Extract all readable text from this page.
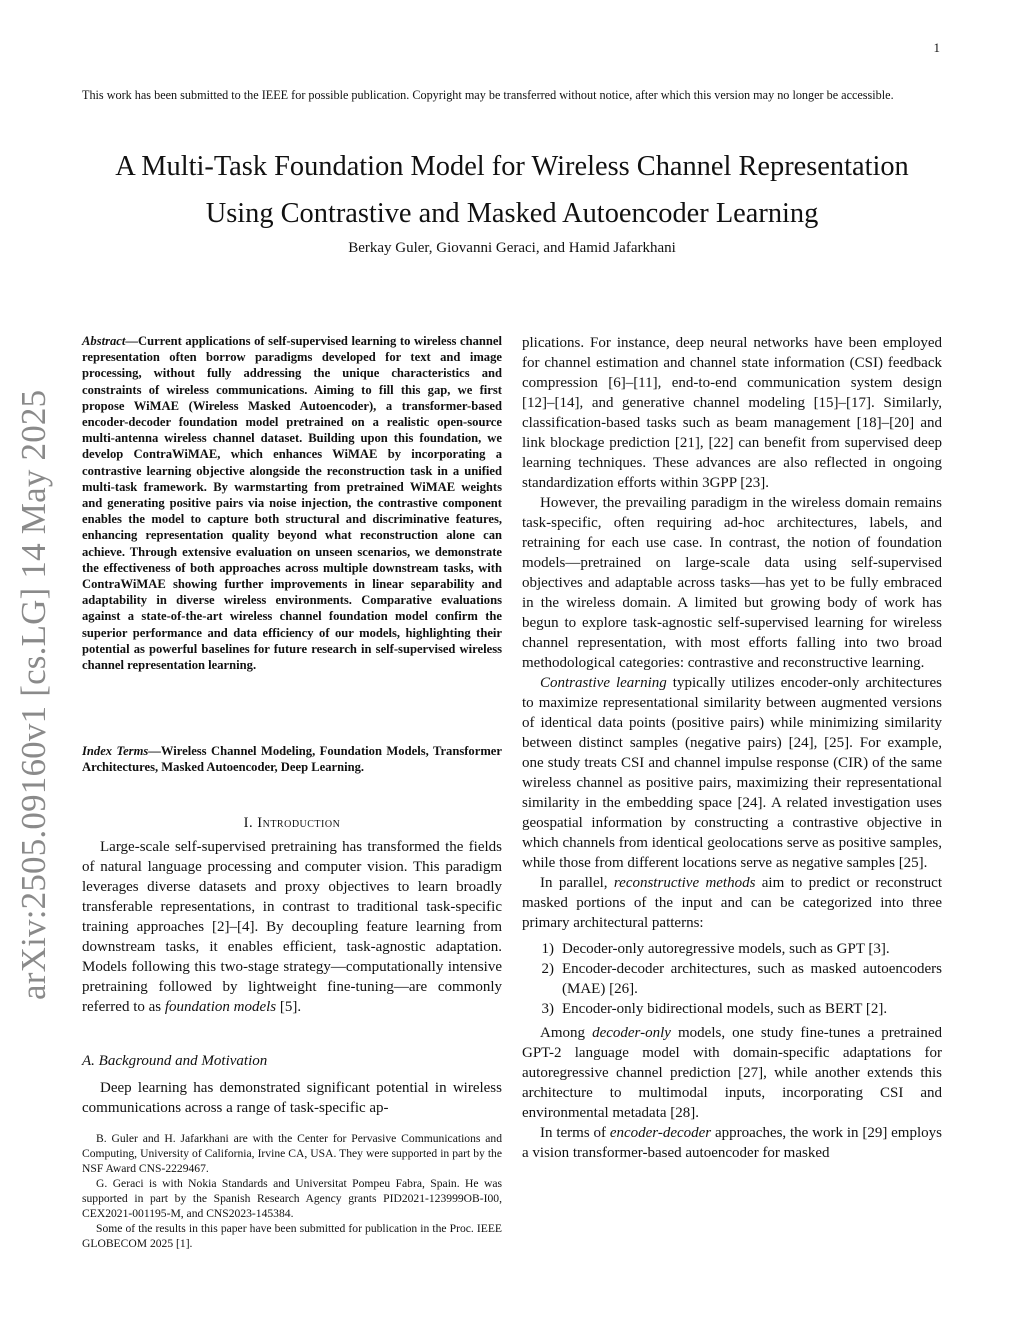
1
This work has been submitted to the IEEE for possible publication. Copyright may be transferred without notice, after which this version may no longer be accessible.
A Multi-Task Foundation Model for Wireless Channel Representation
Using Contrastive and Masked Autoencoder Learning
Berkay Guler, Giovanni Geraci, and Hamid Jafarkhani
arXiv:2505.09160v1 [cs.LG] 14 May 2025
Abstract—Current applications of self-supervised learning to wireless channel representation often borrow paradigms developed for text and image processing, without fully addressing the unique characteristics and constraints of wireless communications. Aiming to fill this gap, we first propose WiMAE (Wireless Masked Autoencoder), a transformer-based encoder-decoder foundation model pretrained on a realistic open-source multi-antenna wireless channel dataset. Building upon this foundation, we develop ContraWiMAE, which enhances WiMAE by incorporating a contrastive learning objective alongside the reconstruction task in a unified multi-task framework. By warmstarting from pretrained WiMAE weights and generating positive pairs via noise injection, the contrastive component enables the model to capture both structural and discriminative features, enhancing representation quality beyond what reconstruction alone can achieve. Through extensive evaluation on unseen scenarios, we demonstrate the effectiveness of both approaches across multiple downstream tasks, with ContraWiMAE showing further improvements in linear separability and adaptability in diverse wireless environments. Comparative evaluations against a state-of-the-art wireless channel foundation model confirm the superior performance and data efficiency of our models, highlighting their potential as powerful baselines for future research in self-supervised wireless channel representation learning.
Index Terms—Wireless Channel Modeling, Foundation Models, Transformer Architectures, Masked Autoencoder, Deep Learning.
I. Introduction

Large-scale self-supervised pretraining has transformed the fields of natural language processing and computer vision. This paradigm leverages diverse datasets and proxy objectives to learn broadly transferable representations, in contrast to traditional task-specific training approaches [2]–[4]. By decoupling feature learning from downstream tasks, it enables efficient, task-agnostic adaptation. Models following this two-stage strategy—computationally intensive pretraining followed by lightweight fine-tuning—are commonly referred to as foundation models [5].

A. Background and Motivation

Deep learning has demonstrated significant potential in wireless communications across a range of task-specific ap-

B. Guler and H. Jafarkhani are with the Center for Pervasive Communications and Computing, University of California, Irvine CA, USA. They were supported in part by the NSF Award CNS-2229467.

G. Geraci is with Nokia Standards and Universitat Pompeu Fabra, Spain. He was supported in part by the Spanish Research Agency grants PID2021-123999OB-I00, CEX2021-001195-M, and CNS2023-145384.

Some of the results in this paper have been submitted for publication in the Proc. IEEE GLOBECOM 2025 [1].

plications. For instance, deep neural networks have been employed for channel estimation and channel state information (CSI) feedback compression [6]–[11], end-to-end communication system design [12]–[14], and generative channel modeling [15]–[17]. Similarly, classification-based tasks such as beam management [18]–[20] and link blockage prediction [21], [22] can benefit from supervised deep learning techniques. These advances are also reflected in ongoing standardization efforts within 3GPP [23].

However, the prevailing paradigm in the wireless domain remains task-specific, often requiring ad-hoc architectures, labels, and retraining for each use case. In contrast, the notion of foundation models—pretrained on large-scale data using self-supervised objectives and adaptable across tasks—has yet to be fully embraced in the wireless domain. A limited but growing body of work has begun to explore task-agnostic self-supervised learning for wireless channel representation, with most efforts falling into two broad methodological categories: contrastive and reconstructive learning.

Contrastive learning typically utilizes encoder-only architectures to maximize representational similarity between augmented versions of identical data points (positive pairs) while minimizing similarity between distinct samples (negative pairs) [24], [25]. For example, one study treats CSI and channel impulse response (CIR) of the same wireless channel as positive pairs, maximizing their representational similarity in the embedding space [24]. A related investigation uses geospatial information by constructing a contrastive objective in which channels from identical geolocations serve as positive samples, while those from different locations serve as negative samples [25].

In parallel, reconstructive methods aim to predict or reconstruct masked portions of the input and can be categorized into three primary architectural patterns:

1) Decoder-only autoregressive models, such as GPT [3].
2) Encoder-decoder architectures, such as masked autoencoders (MAE) [26].
3) Encoder-only bidirectional models, such as BERT [2].

Among decoder-only models, one study fine-tunes a pretrained GPT-2 language model with domain-specific adaptations for autoregressive channel prediction [27], while another extends this architecture to multimodal inputs, incorporating CSI and environmental metadata [28].

In terms of encoder-decoder approaches, the work in [29] employs a vision transformer-based autoencoder for masked
